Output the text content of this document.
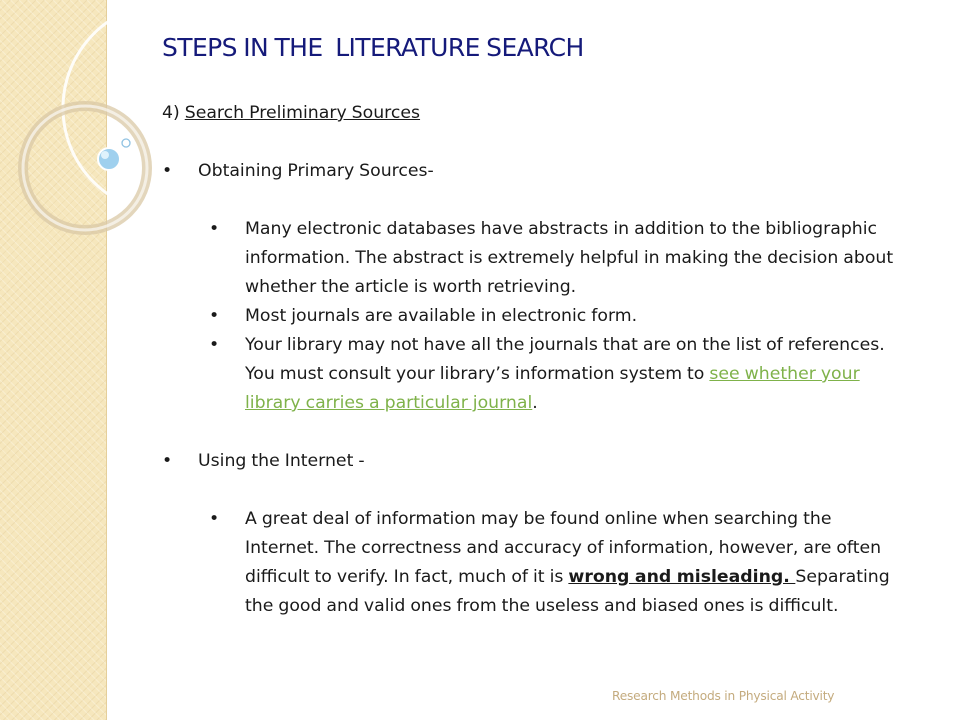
STEPS IN THE  LITERATURE SEARCH
4) Search Preliminary Sources
• Obtaining Primary Sources-
• Many electronic databases have abstracts in addition to the bibliographic information. The abstract is extremely helpful in making the decision about whether the article is worth retrieving.
• Most journals are available in electronic form.
• Your library may not have all the journals that are on the list of references. You must consult your library’s information system to see whether your library carries a particular journal.
• Using the Internet -
• A great deal of information may be found online when searching the Internet. The correctness and accuracy of information, however, are often difficult to verify. In fact, much of it is wrong and misleading. Separating the good and valid ones from the useless and biased ones is difficult.
Research Methods in Physical Activity
